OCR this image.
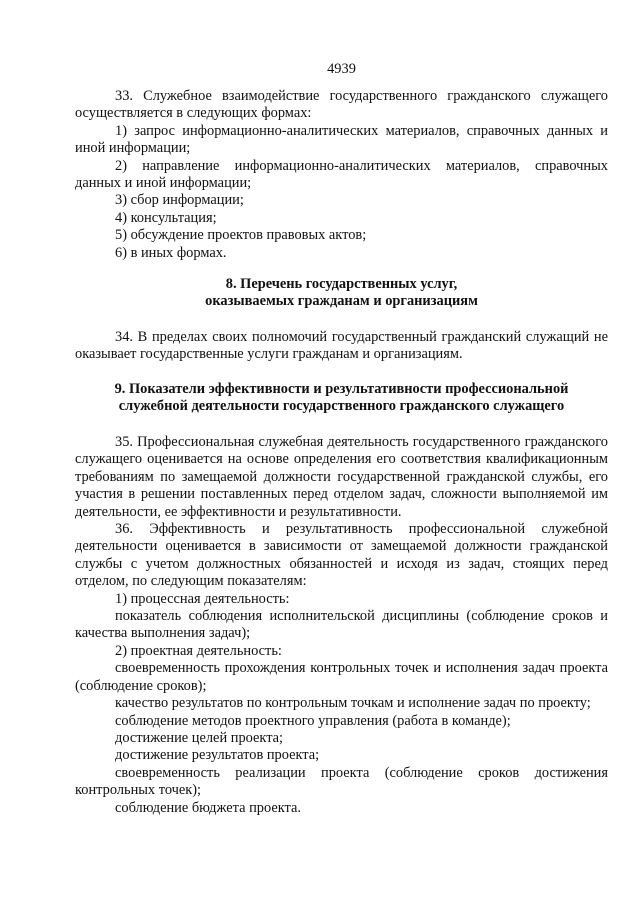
4939

33. Служебное взаимодействие государственного гражданского служащего осуществляется в следующих формах:

1) запрос информационно-аналитических материалов, справочных данных и иной информации;

2) направление информационно-аналитических материалов, справочных данных и иной информации;

3) сбор информации;

4) консультация;

5) обсуждение проектов правовых актов;

6) в иных формах.

8. Перечень государственных услуг,
оказываемых гражданам и организациям

34. В пределах своих полномочий государственный гражданский служащий не оказывает государственные услуги гражданам и организациям.

9. Показатели эффективности и результативности профессиональной
служебной деятельности государственного гражданского служащего

35. Профессиональная служебная деятельность государственного гражданского служащего оценивается на основе определения его соответствия квалификационным требованиям по замещаемой должности государственной гражданской службы, его участия в решении поставленных перед отделом задач, сложности выполняемой им деятельности, ее эффективности и результативности.

36. Эффективность и результативность профессиональной служебной деятельности оценивается в зависимости от замещаемой должности гражданской службы с учетом должностных обязанностей и исходя из задач, стоящих перед отделом, по следующим показателям:

1) процессная деятельность:

показатель соблюдения исполнительской дисциплины (соблюдение сроков и качества выполнения задач);

2) проектная деятельность:

своевременность прохождения контрольных точек и исполнения задач проекта (соблюдение сроков);

качество результатов по контрольным точкам и исполнение задач по проекту;

соблюдение методов проектного управления (работа в команде);

достижение целей проекта;

достижение результатов проекта;

своевременность реализации проекта (соблюдение сроков достижения контрольных точек);

соблюдение бюджета проекта.
